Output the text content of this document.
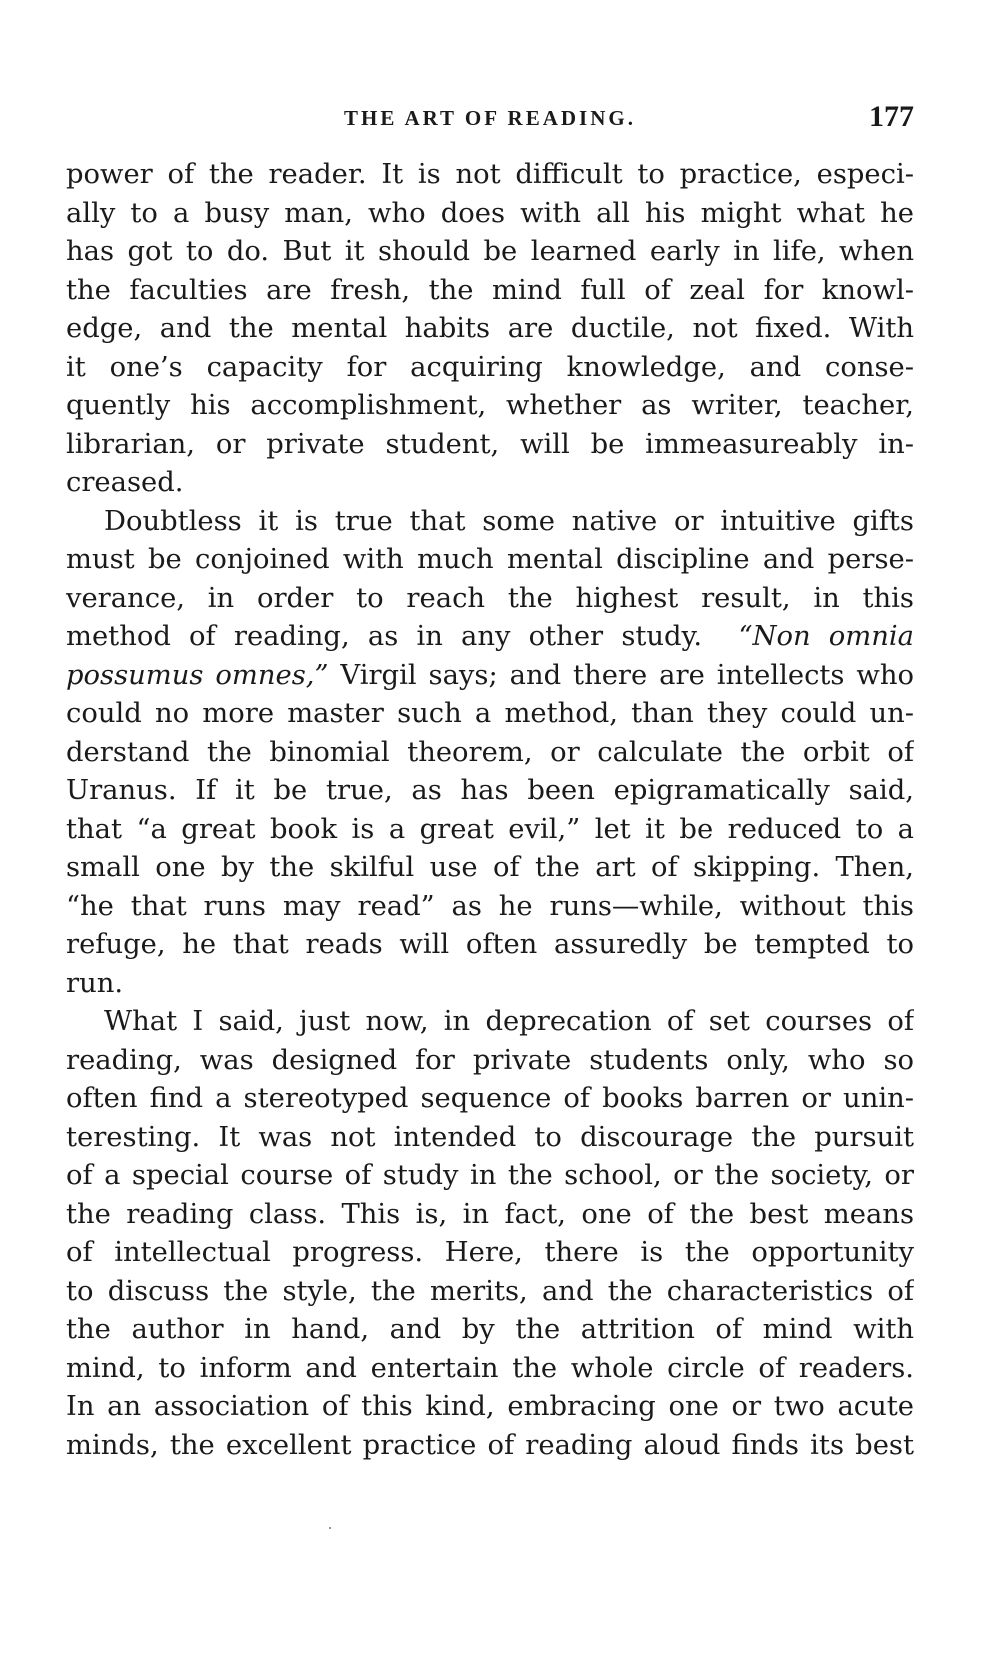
THE ART OF READING.	177
power of the reader. It is not difficult to practice, especi-
ally to a busy man, who does with all his might what he
has got to do. But it should be learned early in life, when
the faculties are fresh, the mind full of zeal for knowl-
edge, and the mental habits are ductile, not fixed. With
it one’s capacity for acquiring knowledge, and conse-
quently his accomplishment, whether as writer, teacher,
librarian, or private student, will be immeasureably in-
creased.
Doubtless it is true that some native or intuitive gifts
must be conjoined with much mental discipline and perse-
verance, in order to reach the highest result, in this
method of reading, as in any other study. “Non omnia
possumus omnes,” Virgil says; and there are intellects who
could no more master such a method, than they could un-
derstand the binomial theorem, or calculate the orbit of
Uranus. If it be true, as has been epigramatically said,
that “a great book is a great evil,” let it be reduced to a
small one by the skilful use of the art of skipping. Then,
“he that runs may read” as he runs—while, without this
refuge, he that reads will often assuredly be tempted to
run.
What I said, just now, in deprecation of set courses of
reading, was designed for private students only, who so
often find a stereotyped sequence of books barren or unin-
teresting. It was not intended to discourage the pursuit
of a special course of study in the school, or the society, or
the reading class. This is, in fact, one of the best means
of intellectual progress. Here, there is the opportunity
to discuss the style, the merits, and the characteristics of
the author in hand, and by the attrition of mind with
mind, to inform and entertain the whole circle of readers.
In an association of this kind, embracing one or two acute
minds, the excellent practice of reading aloud finds its best
